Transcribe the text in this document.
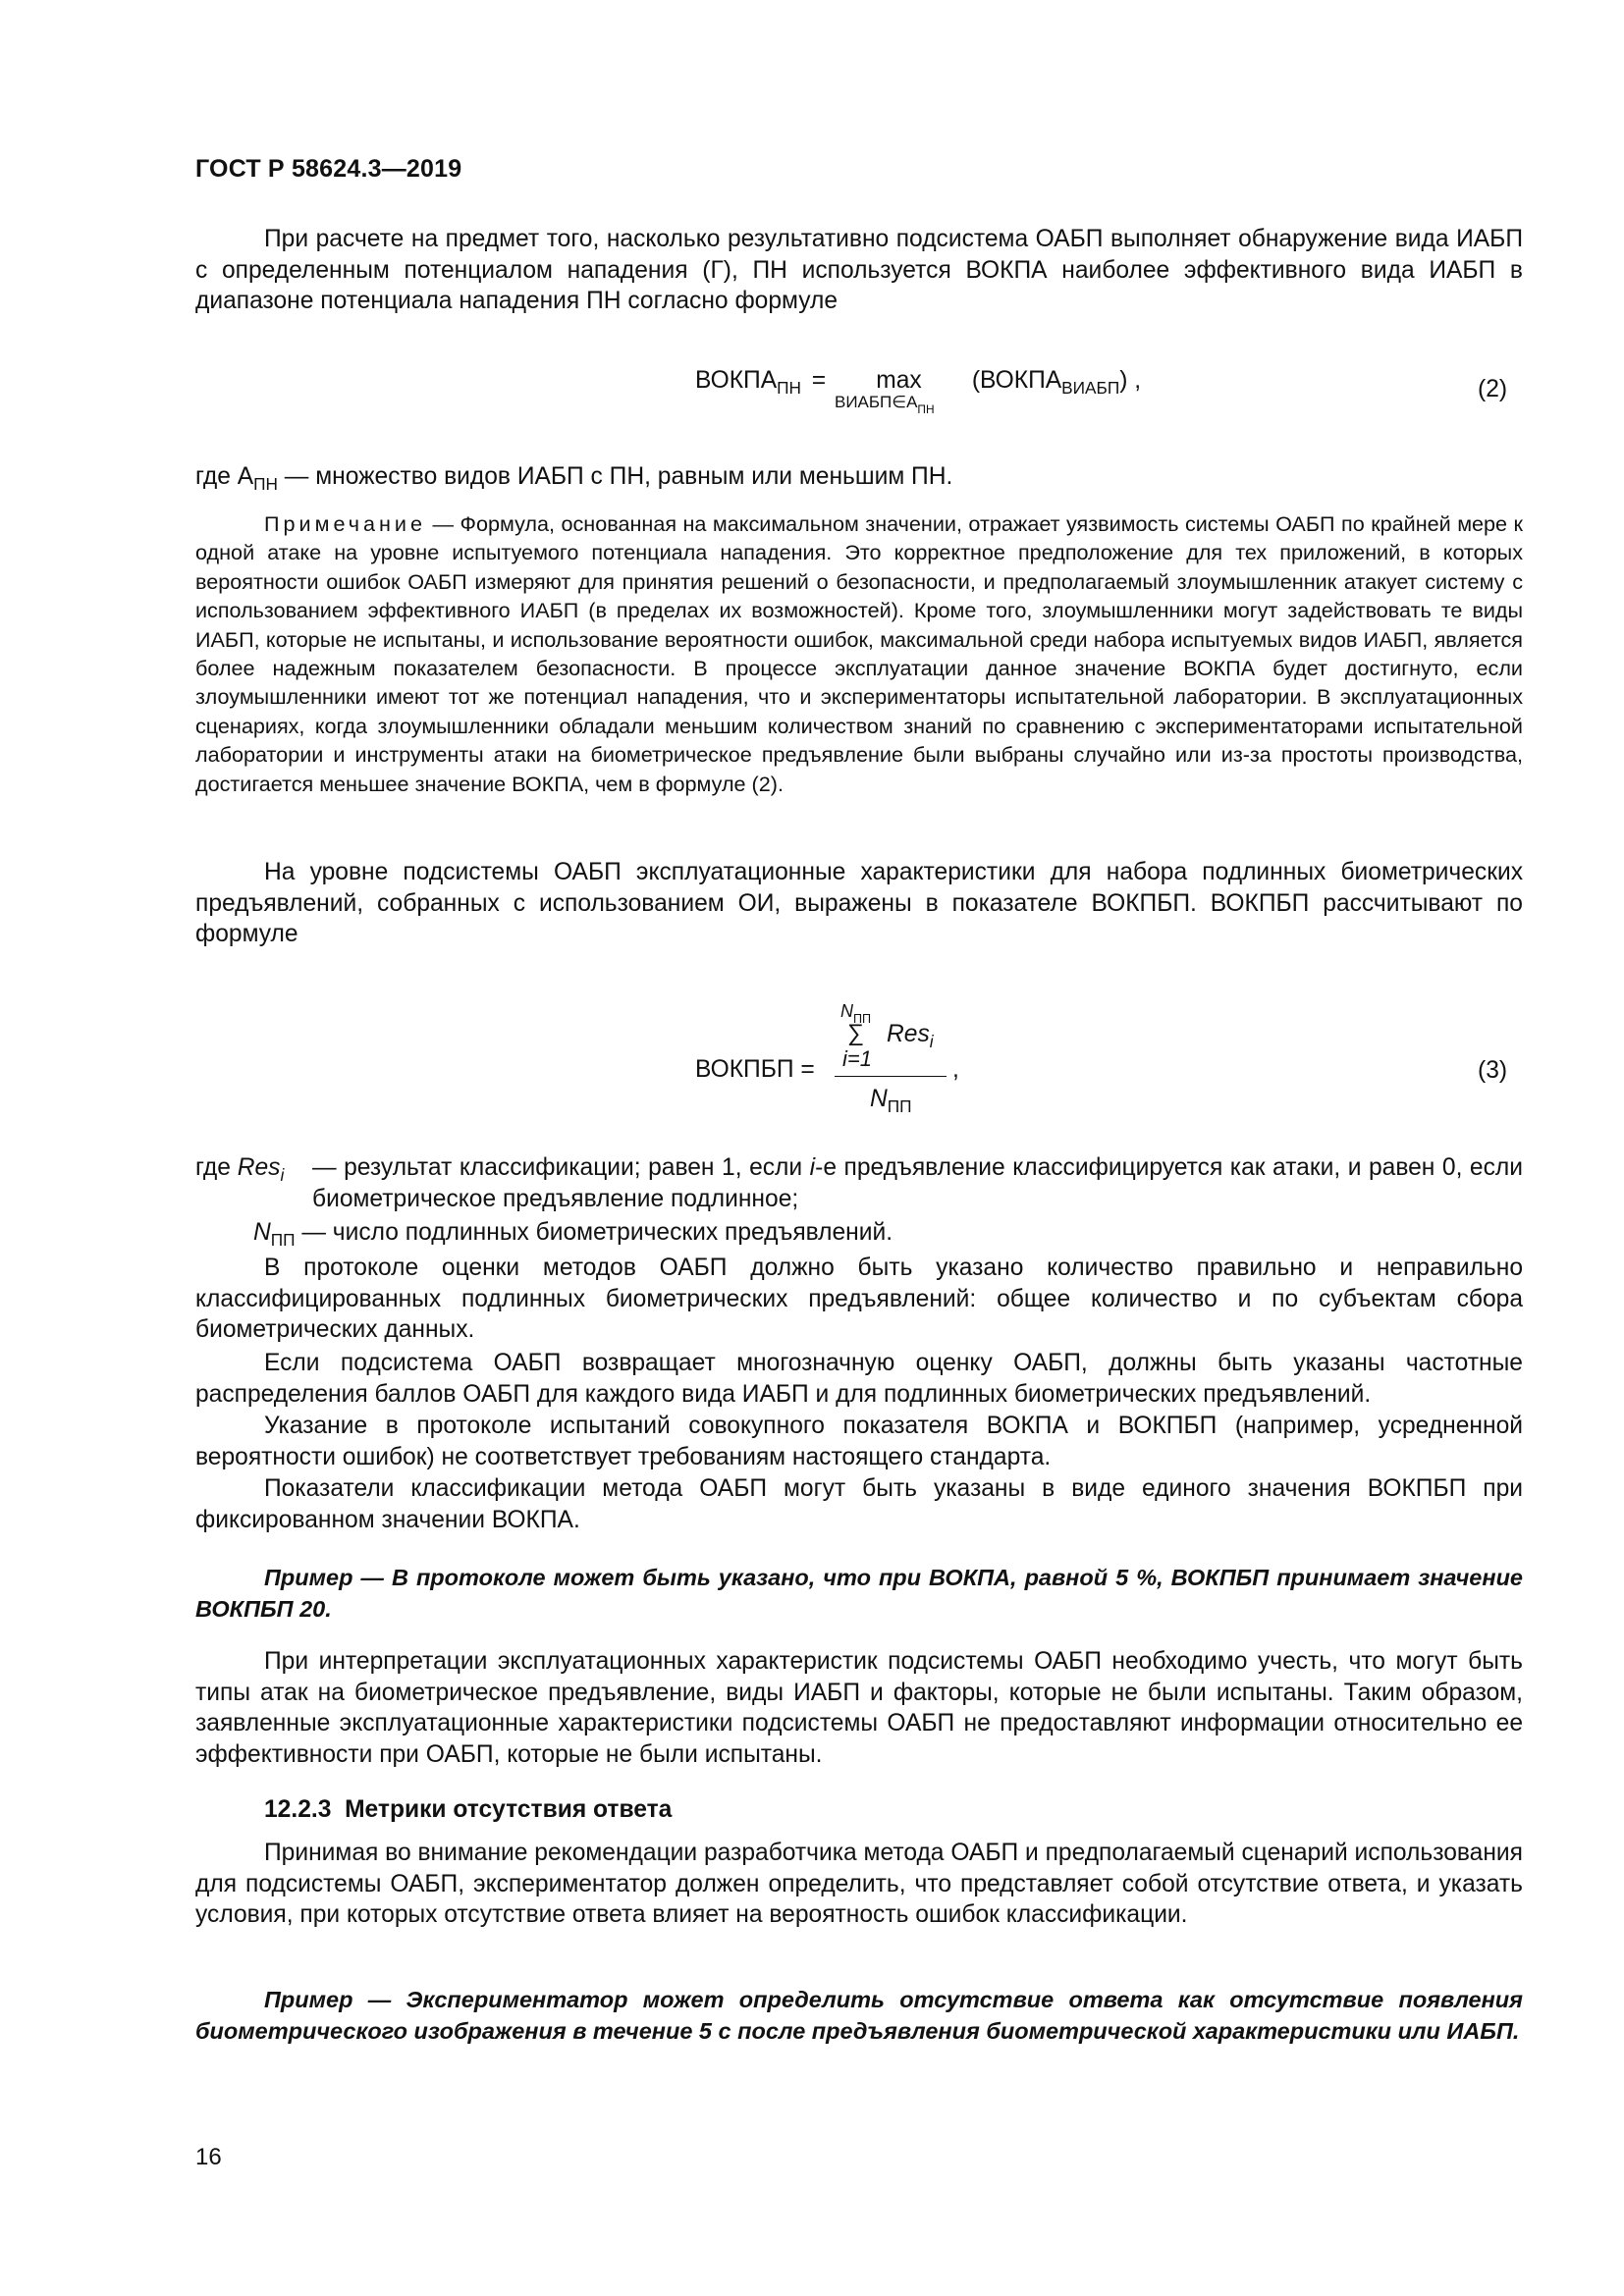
ГОСТ Р 58624.3—2019

При расчете на предмет того, насколько результативно подсистема ОАБП выполняет обнаружение вида ИАБП с определенным потенциалом нападения (Г), ПН используется ВОКПА наиболее эффективного вида ИАБП в диапазоне потенциала нападения ПН согласно формуле

$ВОКПА_{ПН} = \max$
$ВИАБП\in А_{ПН}$
$(ВОКПА_{ВИАБП})$ ,	(2)
где $А_{ПН}$ — множество видов ИАБП с ПН, равным или меньшим ПН.

Примечание — Формула, основанная на максимальном значении, отражает уязвимость системы ОАБП по крайней мере к одной атаке на уровне испытуемого потенциала нападения. Это корректное предположение для тех приложений, в которых вероятности ошибок ОАБП измеряют для принятия решений о безопасности, и предполагаемый злоумышленник атакует систему с использованием эффективного ИАБП (в пределах их возможностей). Кроме того, злоумышленники могут задействовать те виды ИАБП, которые не испытаны, и использование вероятности ошибок, максимальной среди набора испытуемых видов ИАБП, является более надежным показателем безопасности. В процессе эксплуатации данное значение ВОКПА будет достигнуто, если злоумышленники имеют тот же потенциал нападения, что и экспериментаторы испытательной лаборатории. В эксплуатационных сценариях, когда злоумышленники обладали меньшим количеством знаний по сравнению с экспериментаторами испытательной лаборатории и инструменты атаки на биометрическое предъявление были выбраны случайно или из-за простоты производства, достигается меньшее значение ВОКПА, чем в формуле (2).

На уровне подсистемы ОАБП эксплуатационные характеристики для набора подлинных биометрических предъявлений, собранных с использованием ОИ, выражены в показателе ВОКПБП. ВОКПБП рассчитывают по формуле

ВОКПБП =
$N_{ПП}$
∑ Res$_i$
i=1
$N_{ПП}$
,	(3)
где Res$_i$ — результат классификации; равен 1, если i-е предъявление классифицируется как атаки, и равен 0, если биометрическое предъявление подлинное;
$N_{ПП}$ — число подлинных биометрических предъявлений.

В протоколе оценки методов ОАБП должно быть указано количество правильно и неправильно классифицированных подлинных биометрических предъявлений: общее количество и по субъектам сбора биометрических данных.

Если подсистема ОАБП возвращает многозначную оценку ОАБП, должны быть указаны частотные распределения баллов ОАБП для каждого вида ИАБП и для подлинных биометрических предъявлений.

Указание в протоколе испытаний совокупного показателя ВОКПА и ВОКПБП (например, усредненной вероятности ошибок) не соответствует требованиям настоящего стандарта.

Показатели классификации метода ОАБП могут быть указаны в виде единого значения ВОКПБП при фиксированном значении ВОКПА.

Пример — В протоколе может быть указано, что при ВОКПА, равной 5 %, ВОКПБП принимает значение ВОКПБП 20.

При интерпретации эксплуатационных характеристик подсистемы ОАБП необходимо учесть, что могут быть типы атак на биометрическое предъявление, виды ИАБП и факторы, которые не были испытаны. Таким образом, заявленные эксплуатационные характеристики подсистемы ОАБП не предоставляют информации относительно ее эффективности при ОАБП, которые не были испытаны.

12.2.3 Метрики отсутствия ответа

Принимая во внимание рекомендации разработчика метода ОАБП и предполагаемый сценарий использования для подсистемы ОАБП, экспериментатор должен определить, что представляет собой отсутствие ответа, и указать условия, при которых отсутствие ответа влияет на вероятность ошибок классификации.

Пример — Экспериментатор может определить отсутствие ответа как отсутствие появления биометрического изображения в течение 5 с после предъявления биометрической характеристики или ИАБП.

16
